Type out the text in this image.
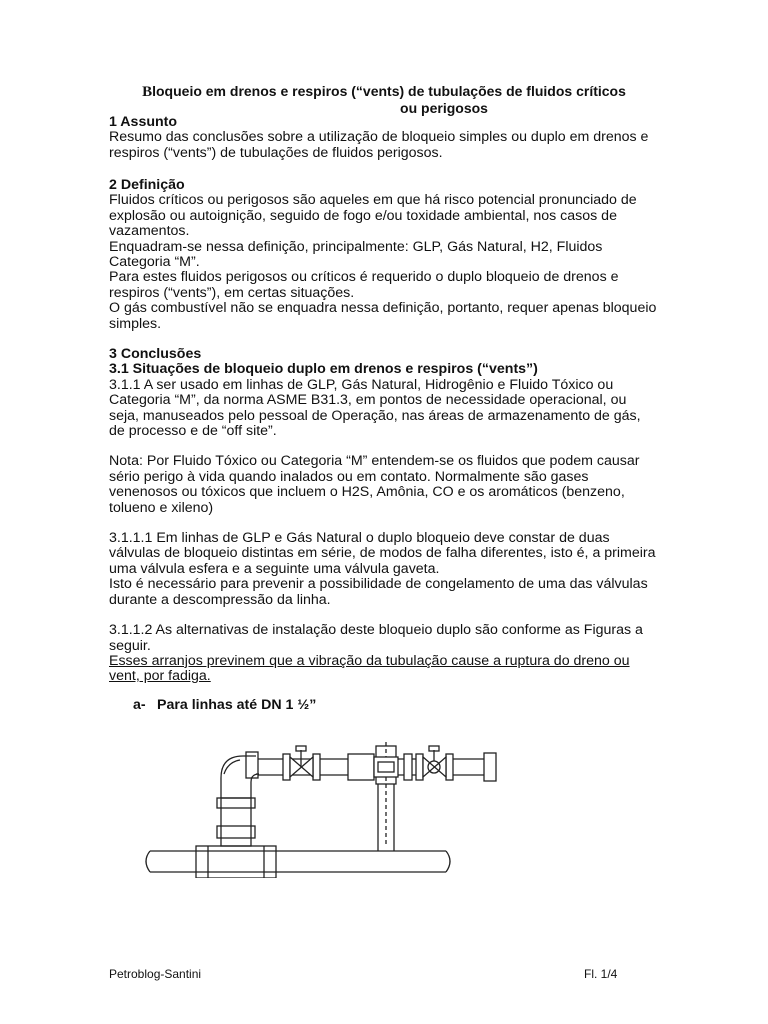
Bloqueio em drenos e respiros (“vents) de tubulações de fluidos críticos
ou perigosos
1 Assunto
Resumo das conclusões sobre a utilização de bloqueio simples ou duplo em drenos e
respiros (“vents”) de tubulações de fluidos perigosos.
2 Definição
Fluidos críticos ou perigosos são aqueles em que há risco potencial pronunciado de
explosão ou autoignição, seguido de fogo e/ou toxidade ambiental, nos casos de
vazamentos.
Enquadram-se nessa definição, principalmente: GLP, Gás Natural, H2, Fluidos
Categoria “M”.
Para estes fluidos perigosos ou críticos é requerido o duplo bloqueio de drenos e
respiros (“vents”), em certas situações.
O gás combustível não se enquadra nessa definição, portanto, requer apenas bloqueio
simples.
3 Conclusões
3.1 Situações de bloqueio duplo em drenos e respiros (“vents”)
3.1.1 A ser usado em linhas de GLP, Gás Natural, Hidrogênio e Fluido Tóxico ou
Categoria “M”, da norma ASME B31.3, em pontos de necessidade operacional, ou
seja, manuseados pelo pessoal de Operação, nas áreas de armazenamento de gás,
de processo e de “off site”.
Nota: Por Fluido Tóxico ou Categoria “M” entendem-se os fluidos que podem causar
sério perigo à vida quando inalados ou em contato. Normalmente são gases
venenosos ou tóxicos que incluem o H2S, Amônia, CO e os aromáticos (benzeno,
tolueno e xileno)
3.1.1.1 Em linhas de GLP e Gás Natural o duplo bloqueio deve constar de duas
válvulas de bloqueio distintas em série, de modos de falha diferentes, isto é, a primeira
uma válvula esfera e a seguinte uma válvula gaveta.
Isto é necessário para prevenir a possibilidade de congelamento de uma das válvulas
durante a descompressão da linha.
3.1.1.2 As alternativas de instalação deste bloqueio duplo são conforme as Figuras a
seguir.
Esses arranjos previnem que a vibração da tubulação cause a ruptura do dreno ou
vent, por fadiga.
a- Para linhas até DN 1 ½”
Petroblog-Santini	Fl. 1/4
